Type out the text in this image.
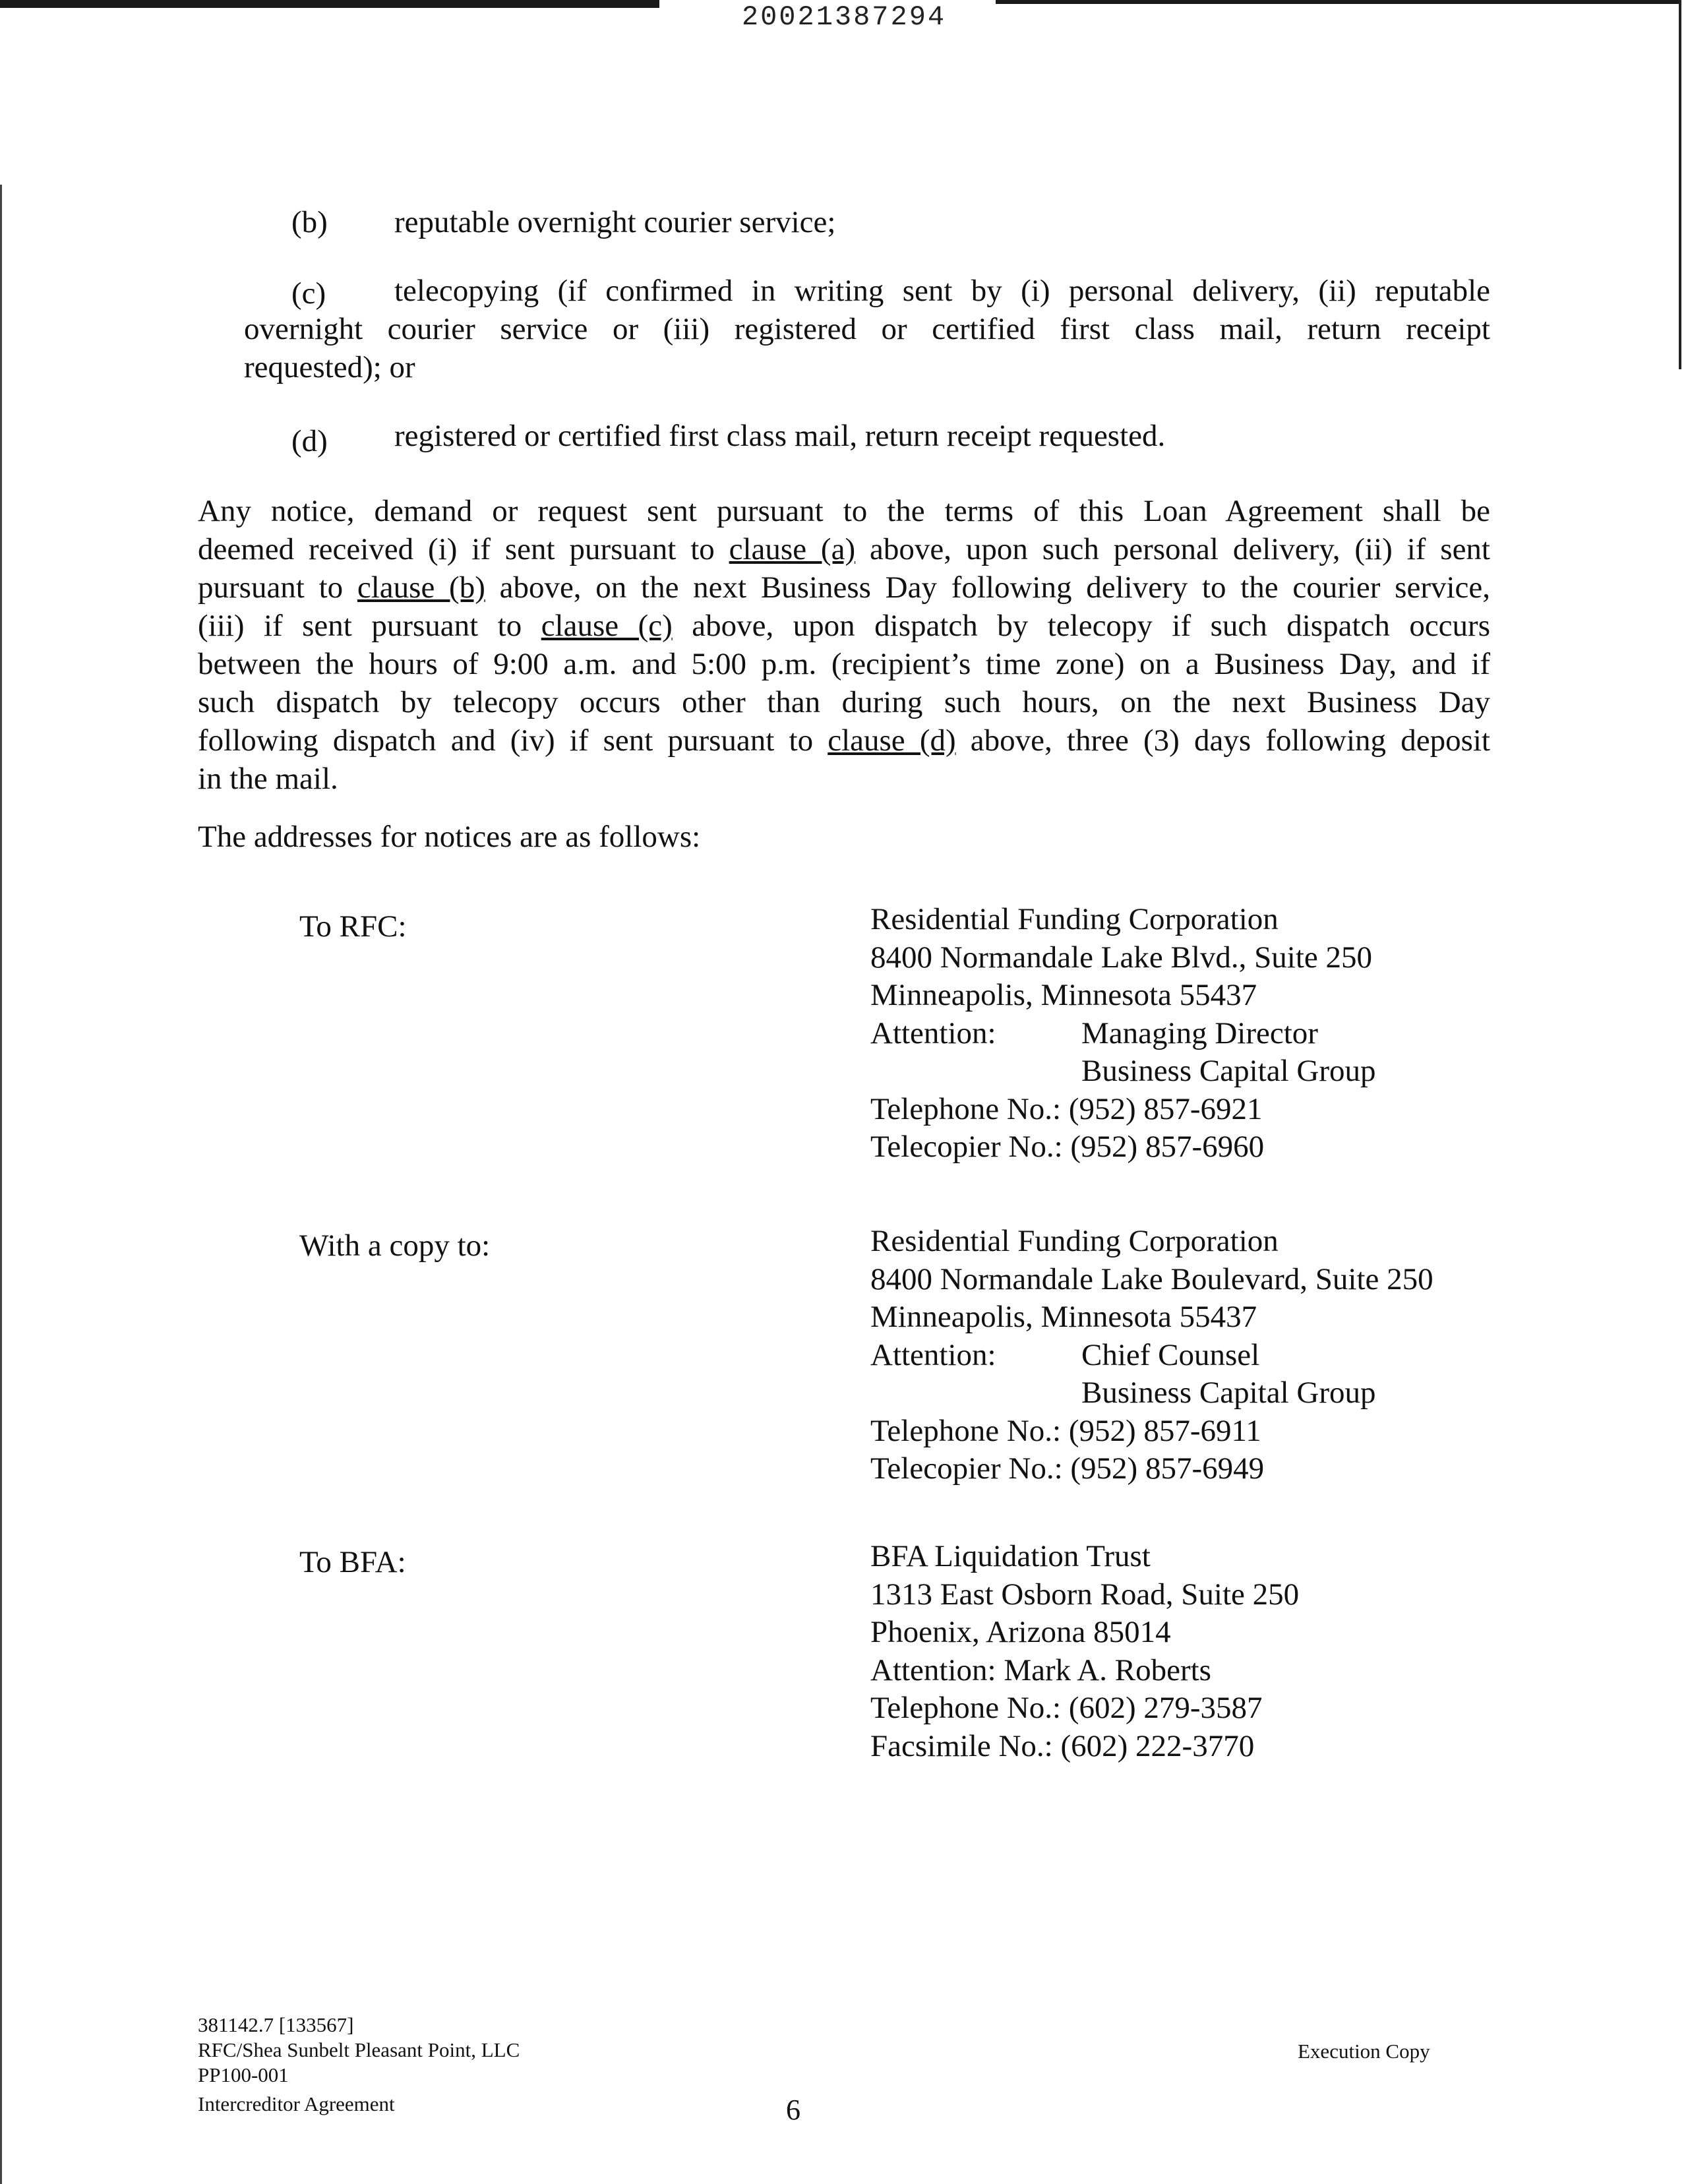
20021387294
(b) reputable overnight courier service;
(c) telecopying (if confirmed in writing sent by (i) personal delivery, (ii) reputable
overnight courier service or (iii) registered or certified first class mail, return receipt
requested); or
(d) registered or certified first class mail, return receipt requested.
Any notice, demand or request sent pursuant to the terms of this Loan Agreement shall be
deemed received (i) if sent pursuant to clause (a) above, upon such personal delivery, (ii) if sent
pursuant to clause (b) above, on the next Business Day following delivery to the courier service,
(iii) if sent pursuant to clause (c) above, upon dispatch by telecopy if such dispatch occurs
between the hours of 9:00 a.m. and 5:00 p.m. (recipient’s time zone) on a Business Day, and if
such dispatch by telecopy occurs other than during such hours, on the next Business Day
following dispatch and (iv) if sent pursuant to clause (d) above, three (3) days following deposit
in the mail.
The addresses for notices are as follows:
To RFC:	Residential Funding Corporation
8400 Normandale Lake Blvd., Suite 250
Minneapolis, Minnesota 55437
Attention:	Managing Director
Business Capital Group
Telephone No.: (952) 857-6921
Telecopier No.: (952) 857-6960
With a copy to:	Residential Funding Corporation
8400 Normandale Lake Boulevard, Suite 250
Minneapolis, Minnesota 55437
Attention:	Chief Counsel
Business Capital Group
Telephone No.: (952) 857-6911
Telecopier No.: (952) 857-6949
To BFA:	BFA Liquidation Trust
1313 East Osborn Road, Suite 250
Phoenix, Arizona 85014
Attention: Mark A. Roberts
Telephone No.: (602) 279-3587
Facsimile No.: (602) 222-3770
381142.7 [133567]
RFC/Shea Sunbelt Pleasant Point, LLC
PP100-001
Intercreditor Agreement	6
Execution Copy
